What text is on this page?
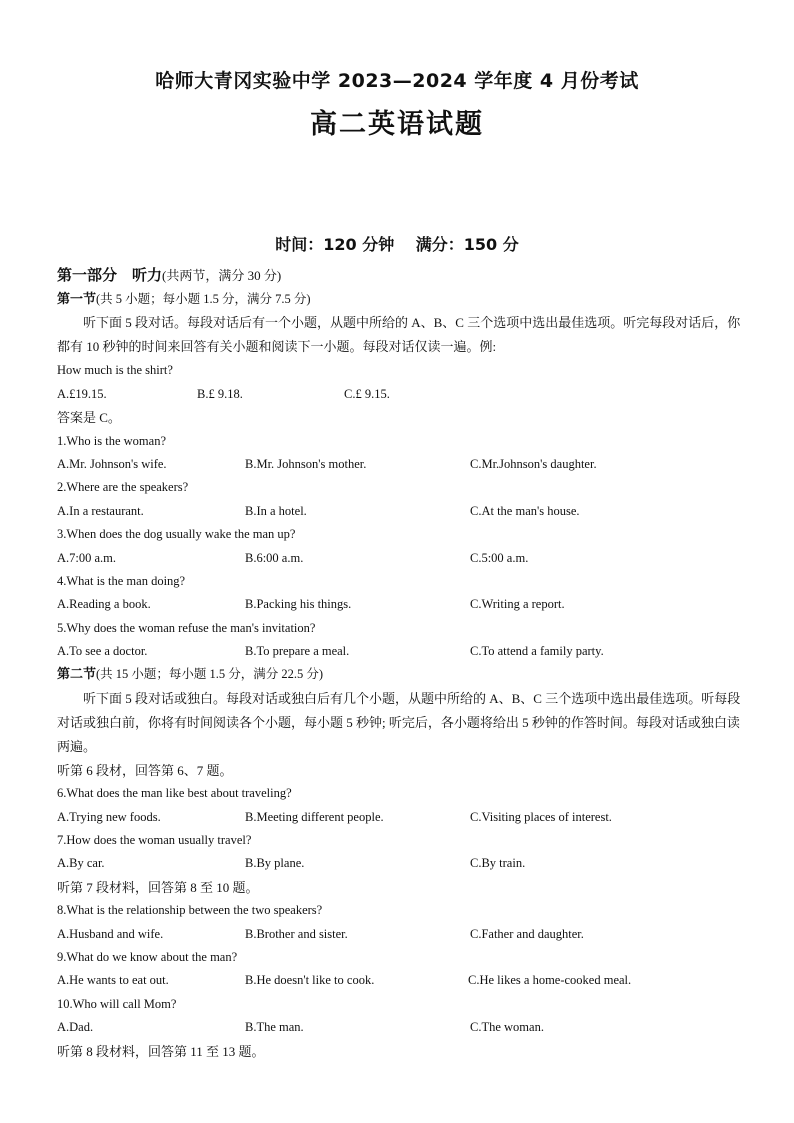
哈师大青冈实验中学 2023—2024 学年度 4 月份考试
高二英语试题
时间：120 分钟 满分：150 分
第一部分　听力(共两节，满分 30 分)
第一节(共 5 小题；每小题 1.5 分，满分 7.5 分)
听下面 5 段对话。每段对话后有一个小题，从题中所给的 A、B、C 三个选项中选出最佳选项。听完每段对话后，你都有 10 秒钟的时间来回答有关小题和阅读下一小题。每段对话仅读一遍。例:
How much is the shirt?
A.£19.15.	B.£ 9.18.	C.£ 9.15.
答案是 C。
1.Who is the woman?
A.Mr. Johnson's wife.	B.Mr. Johnson's mother.	C.Mr.Johnson's daughter.
2.Where are the speakers?
A.In a restaurant.	B.In a hotel.	C.At the man's house.
3.When does the dog usually wake the man up?
A.7:00 a.m.	B.6:00 a.m.	C.5:00 a.m.
4.What is the man doing?
A.Reading a book.	B.Packing his things.	C.Writing a report.
5.Why does the woman refuse the man's invitation?
A.To see a doctor.	B.To prepare a meal.	C.To attend a family party.
第二节(共 15 小题；每小题 1.5 分，满分 22.5 分)
听下面 5 段对话或独白。每段对话或独白后有几个小题，从题中所给的 A、B、C 三个选项中选出最佳选项。听每段对话或独白前，你将有时间阅读各个小题，每小题 5 秒钟; 听完后，各小题将给出 5 秒钟的作答时间。每段对话或独白读两遍。
听第 6 段材，回答第 6、7 题。
6.What does the man like best about traveling?
A.Trying new foods.	B.Meeting different people.	C.Visiting places of interest.
7.How does the woman usually travel?
A.By car.	B.By plane.	C.By train.
听第 7 段材料，回答第 8 至 10 题。
8.What is the relationship between the two speakers?
A.Husband and wife.	B.Brother and sister.	C.Father and daughter.
9.What do we know about the man?
A.He wants to eat out.	B.He doesn't like to cook.	C.He likes a home-cooked meal.
10.Who will call Mom?
A.Dad.	B.The man.	C.The woman.
听第 8 段材料，回答第 11 至 13 题。
